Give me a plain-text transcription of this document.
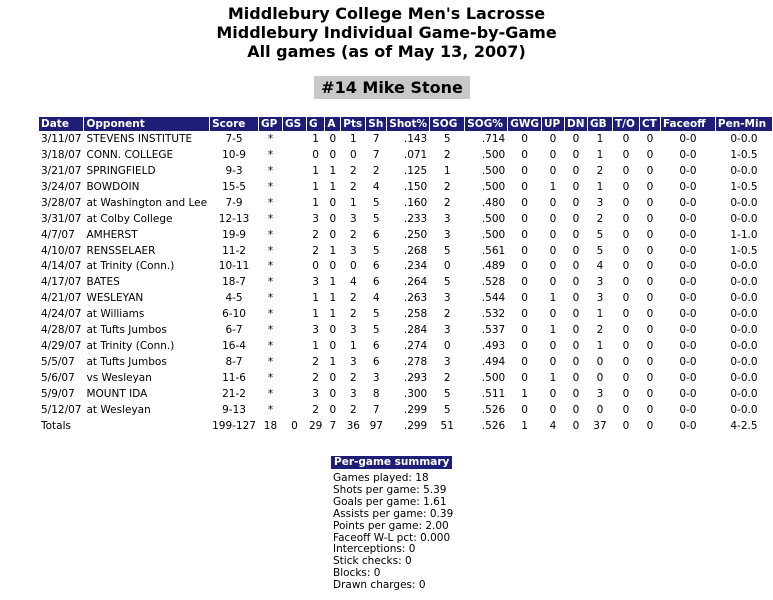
Middlebury College Men's Lacrosse
Middlebury Individual Game-by-Game
All games (as of May 13, 2007)
#14 Mike Stone
Date	Opponent	Score	GP	GS	G	A	Pts	Sh	Shot%	SOG	SOG%	GWG	UP	DN	GB	T/O	CT	Faceoff	Pen-Min
3/11/07	STEVENS INSTITUTE	7-5	*		1	0	1	7	.143	5	.714	0	0	0	1	0	0	0-0	0-0.0
3/18/07	CONN. COLLEGE	10-9	*		0	0	0	7	.071	2	.500	0	0	0	1	0	0	0-0	1-0.5
3/21/07	SPRINGFIELD	9-3	*		1	1	2	2	.125	1	.500	0	0	0	2	0	0	0-0	0-0.0
3/24/07	BOWDOIN	15-5	*		1	1	2	4	.150	2	.500	0	1	0	1	0	0	0-0	1-0.5
3/28/07	at Washington and Lee	7-9	*		1	0	1	5	.160	2	.480	0	0	0	3	0	0	0-0	0-0.0
3/31/07	at Colby College	12-13	*		3	0	3	5	.233	3	.500	0	0	0	2	0	0	0-0	0-0.0
4/7/07	AMHERST	19-9	*		2	0	2	6	.250	3	.500	0	0	0	5	0	0	0-0	1-1.0
4/10/07	RENSSELAER	11-2	*		2	1	3	5	.268	5	.561	0	0	0	5	0	0	0-0	1-0.5
4/14/07	at Trinity (Conn.)	10-11	*		0	0	0	6	.234	0	.489	0	0	0	4	0	0	0-0	0-0.0
4/17/07	BATES	18-7	*		3	1	4	6	.264	5	.528	0	0	0	3	0	0	0-0	0-0.0
4/21/07	WESLEYAN	4-5	*		1	1	2	4	.263	3	.544	0	1	0	3	0	0	0-0	0-0.0
4/24/07	at Williams	6-10	*		1	1	2	5	.258	2	.532	0	0	0	1	0	0	0-0	0-0.0
4/28/07	at Tufts Jumbos	6-7	*		3	0	3	5	.284	3	.537	0	1	0	2	0	0	0-0	0-0.0
4/29/07	at Trinity (Conn.)	16-4	*		1	0	1	6	.274	0	.493	0	0	0	1	0	0	0-0	0-0.0
5/5/07	at Tufts Jumbos	8-7	*		2	1	3	6	.278	3	.494	0	0	0	0	0	0	0-0	0-0.0
5/6/07	vs Wesleyan	11-6	*		2	0	2	3	.293	2	.500	0	1	0	0	0	0	0-0	0-0.0
5/9/07	MOUNT IDA	21-2	*		3	0	3	8	.300	5	.511	1	0	0	3	0	0	0-0	0-0.0
5/12/07	at Wesleyan	9-13	*		2	0	2	7	.299	5	.526	0	0	0	0	0	0	0-0	0-0.0
Totals		199-127	18	0	29	7	36	97	.299	51	.526	1	4	0	37	0	0	0-0	4-2.5
Per-game summary
Games played: 18
Shots per game: 5.39
Goals per game: 1.61
Assists per game: 0.39
Points per game: 2.00
Faceoff W-L pct: 0.000
Interceptions: 0
Stick checks: 0
Blocks: 0
Drawn charges: 0
